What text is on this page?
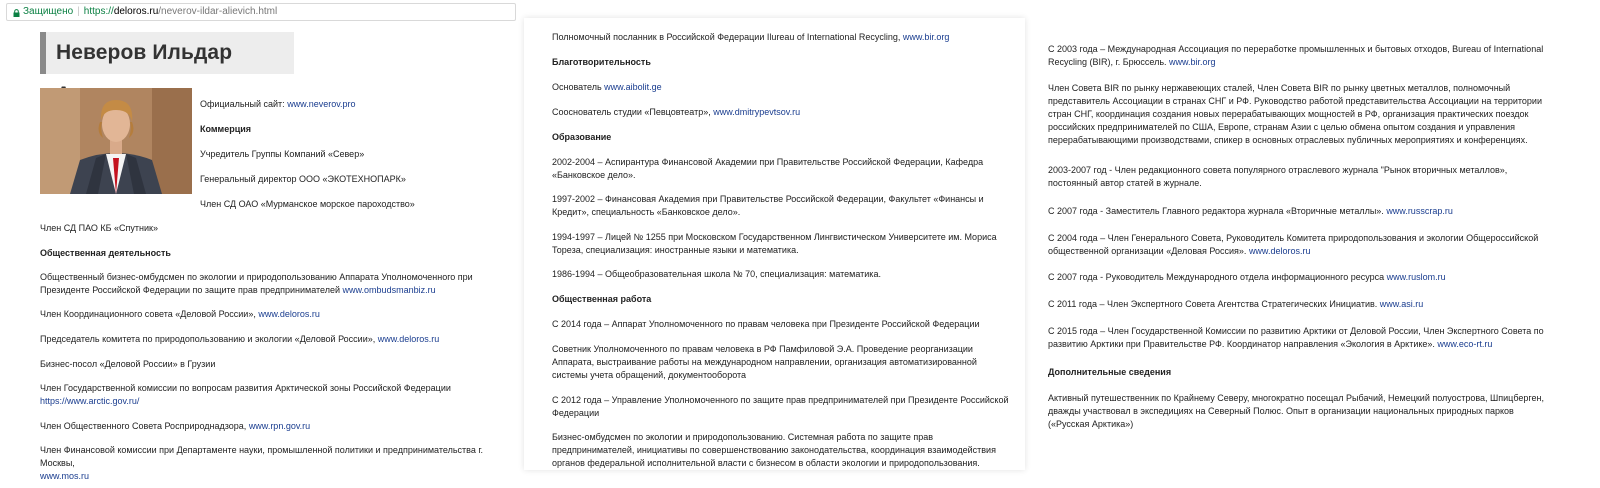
Защищено | https:// deloros.ru /neverov-ildar-alievich.html
Неверов Ильдар

Официальный сайт: www.neverov.pro

Коммерция

Учредитель Группы Компаний «Север»

Генеральный директор ООО «ЭКОТЕХНОПАРК»

Член СД ОАО «Мурманское морское пароходство»

Член СД ПАО КБ «Спутник»

Общественная деятельность

Общественный бизнес-омбудсмен по экологии и природопользованию Аппарата Уполномоченного при Президенте Российской Федерации по защите прав предпринимателей www.ombudsmanbiz.ru

Член Координационного совета «Деловой России», www.deloros.ru

Председатель комитета по природопользованию и экологии «Деловой России», www.deloros.ru

Бизнес-посол «Деловой России» в Грузии

Член Государственной комиссии по вопросам развития Арктической зоны Российской Федерации
https://www.arctic.gov.ru/

Член Общественного Совета Росприроднадзора, www.rpn.gov.ru

Член Финансовой комиссии при Департаменте науки, промышленной политики и предпринимательства г. Москвы,
www.mos.ru

Полномочный посланник в Российской Федерации Ilureau of International Recycling, www.bir.org

Благотворительность

Основатель www.aibolit.ge

Сооснователь студии «Певцовтеатр», www.dmitrypevtsov.ru

Образование

2002-2004 – Аспирантура Финансовой Академии при Правительстве Российской Федерации, Кафедра «Банковское дело».

1997-2002 – Финансовая Академия при Правительстве Российской Федерации, Факультет «Финансы и Кредит», специальность «Банковское дело».

1994-1997 – Лицей № 1255 при Московском Государственном Лингвистическом Университете им. Мориса Тореза, специализация: иностранные языки и математика.

1986-1994 – Общеобразовательная школа № 70, специализация: математика.

Общественная работа

С 2014 года – Аппарат Уполномоченного по правам человека при Президенте Российской Федерации

Советник Уполномоченного по правам человека в РФ Памфиловой Э.А. Проведение реорганизации Аппарата, выстраивание работы на международном направлении, организация автоматизированной системы учета обращений, документооборота

С 2012 года – Управление Уполномоченного по защите прав предпринимателей при Президенте Российской Федерации

Бизнес-омбудсмен по экологии и природопользованию. Системная работа по защите прав предпринимателей, инициативы по совершенствованию законодательства, координация взаимодействия органов федеральной исполнительной власти с бизнесом в области экологии и природопользования.

С 2003 года – Международная Ассоциация по переработке промышленных и бытовых отходов, Bureau of International Recycling (BIR), г. Брюссель. www.bir.org

Член Совета BIR по рынку нержавеющих сталей, Член Совета BIR по рынку цветных металлов, полномочный представитель Ассоциации в странах СНГ и РФ. Руководство работой представительства Ассоциации на территории стран СНГ, координация создания новых перерабатывающих мощностей в РФ, организация практических поездок российских предпринимателей по США, Европе, странам Азии с целью обмена опытом создания и управления перерабатывающими производствами, спикер в основных отраслевых публичных мероприятиях и конференциях.

2003-2007 год - Член редакционного совета популярного отраслевого журнала "Рынок вторичных металлов», постоянный автор статей в журнале.

С 2007 года - Заместитель Главного редактора журнала «Вторичные металлы». www.russcrap.ru

С 2004 года – Член Генерального Совета, Руководитель Комитета природопользования и экологии Общероссийской общественной организации «Деловая Россия». www.deloros.ru

С 2007 года - Руководитель Международного отдела информационного ресурса www.ruslom.ru

С 2011 года – Член Экспертного Совета Агентства Стратегических Инициатив. www.asi.ru

С 2015 года – Член Государственной Комиссии по развитию Арктики от Деловой России, Член Экспертного Совета по развитию Арктики при Правительстве РФ. Координатор направления «Экология в Арктике». www.eco-rt.ru

Дополнительные сведения

Активный путешественник по Крайнему Северу, многократно посещал Рыбачий, Немецкий полуострова, Шпицберген, дважды участвовал в экспедициях на Северный Полюс. Опыт в организации национальных природных парков («Русская Арктика»)
